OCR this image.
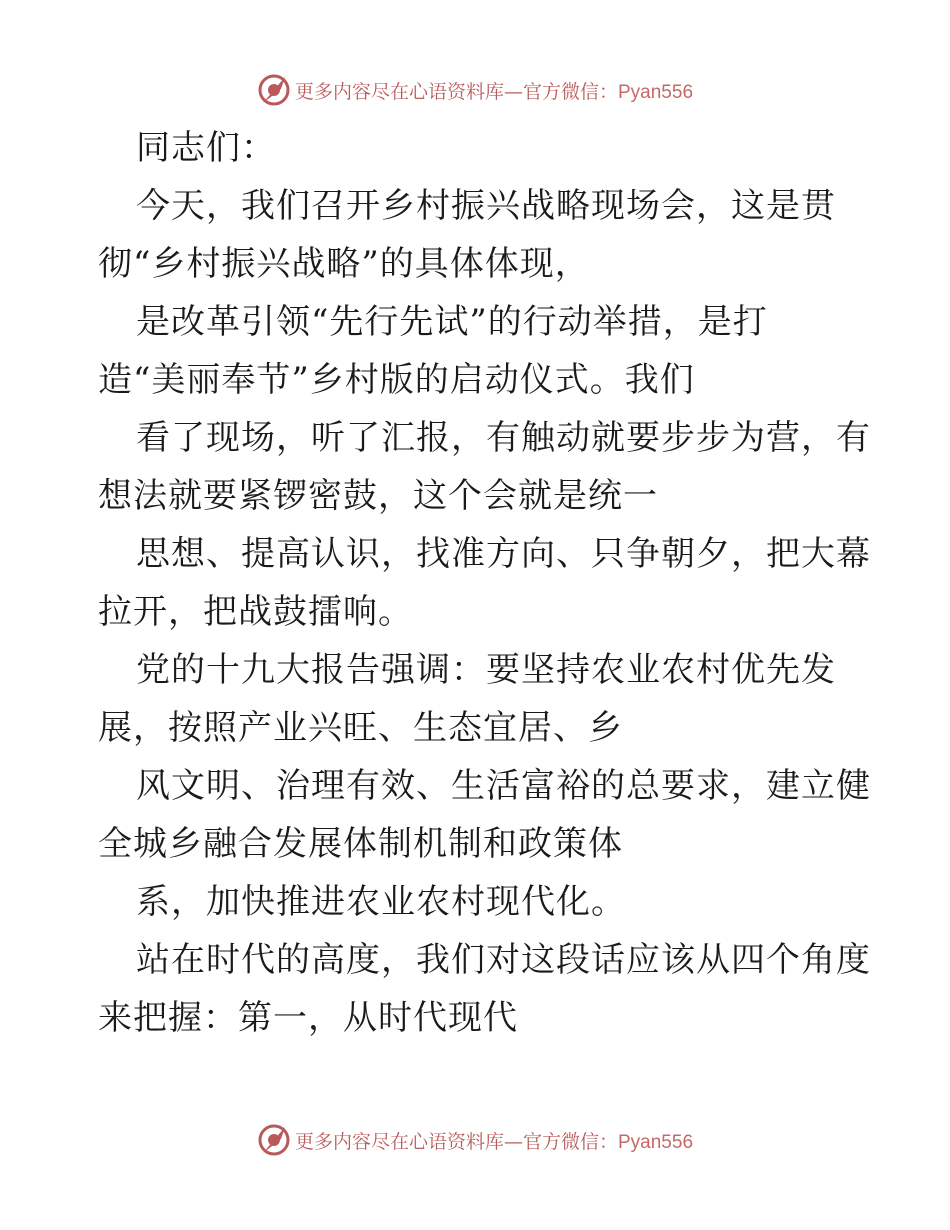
更多内容尽在心语资料库—官方微信：Pyan556
同志们：
今天，我们召开乡村振兴战略现场会，这是贯
彻“乡村振兴战略”的具体体现，
是改革引领“先行先试”的行动举措，是打
造“美丽奉节”乡村版的启动仪式。我们
看了现场，听了汇报，有触动就要步步为营，有
想法就要紧锣密鼓，这个会就是统一
思想、提高认识，找准方向、只争朝夕，把大幕
拉开，把战鼓擂响。
党的十九大报告强调：要坚持农业农村优先发
展，按照产业兴旺、生态宜居、乡
风文明、治理有效、生活富裕的总要求，建立健
全城乡融合发展体制机制和政策体
系，加快推进农业农村现代化。
站在时代的高度，我们对这段话应该从四个角度
来把握：第一，从时代现代
更多内容尽在心语资料库—官方微信：Pyan556
